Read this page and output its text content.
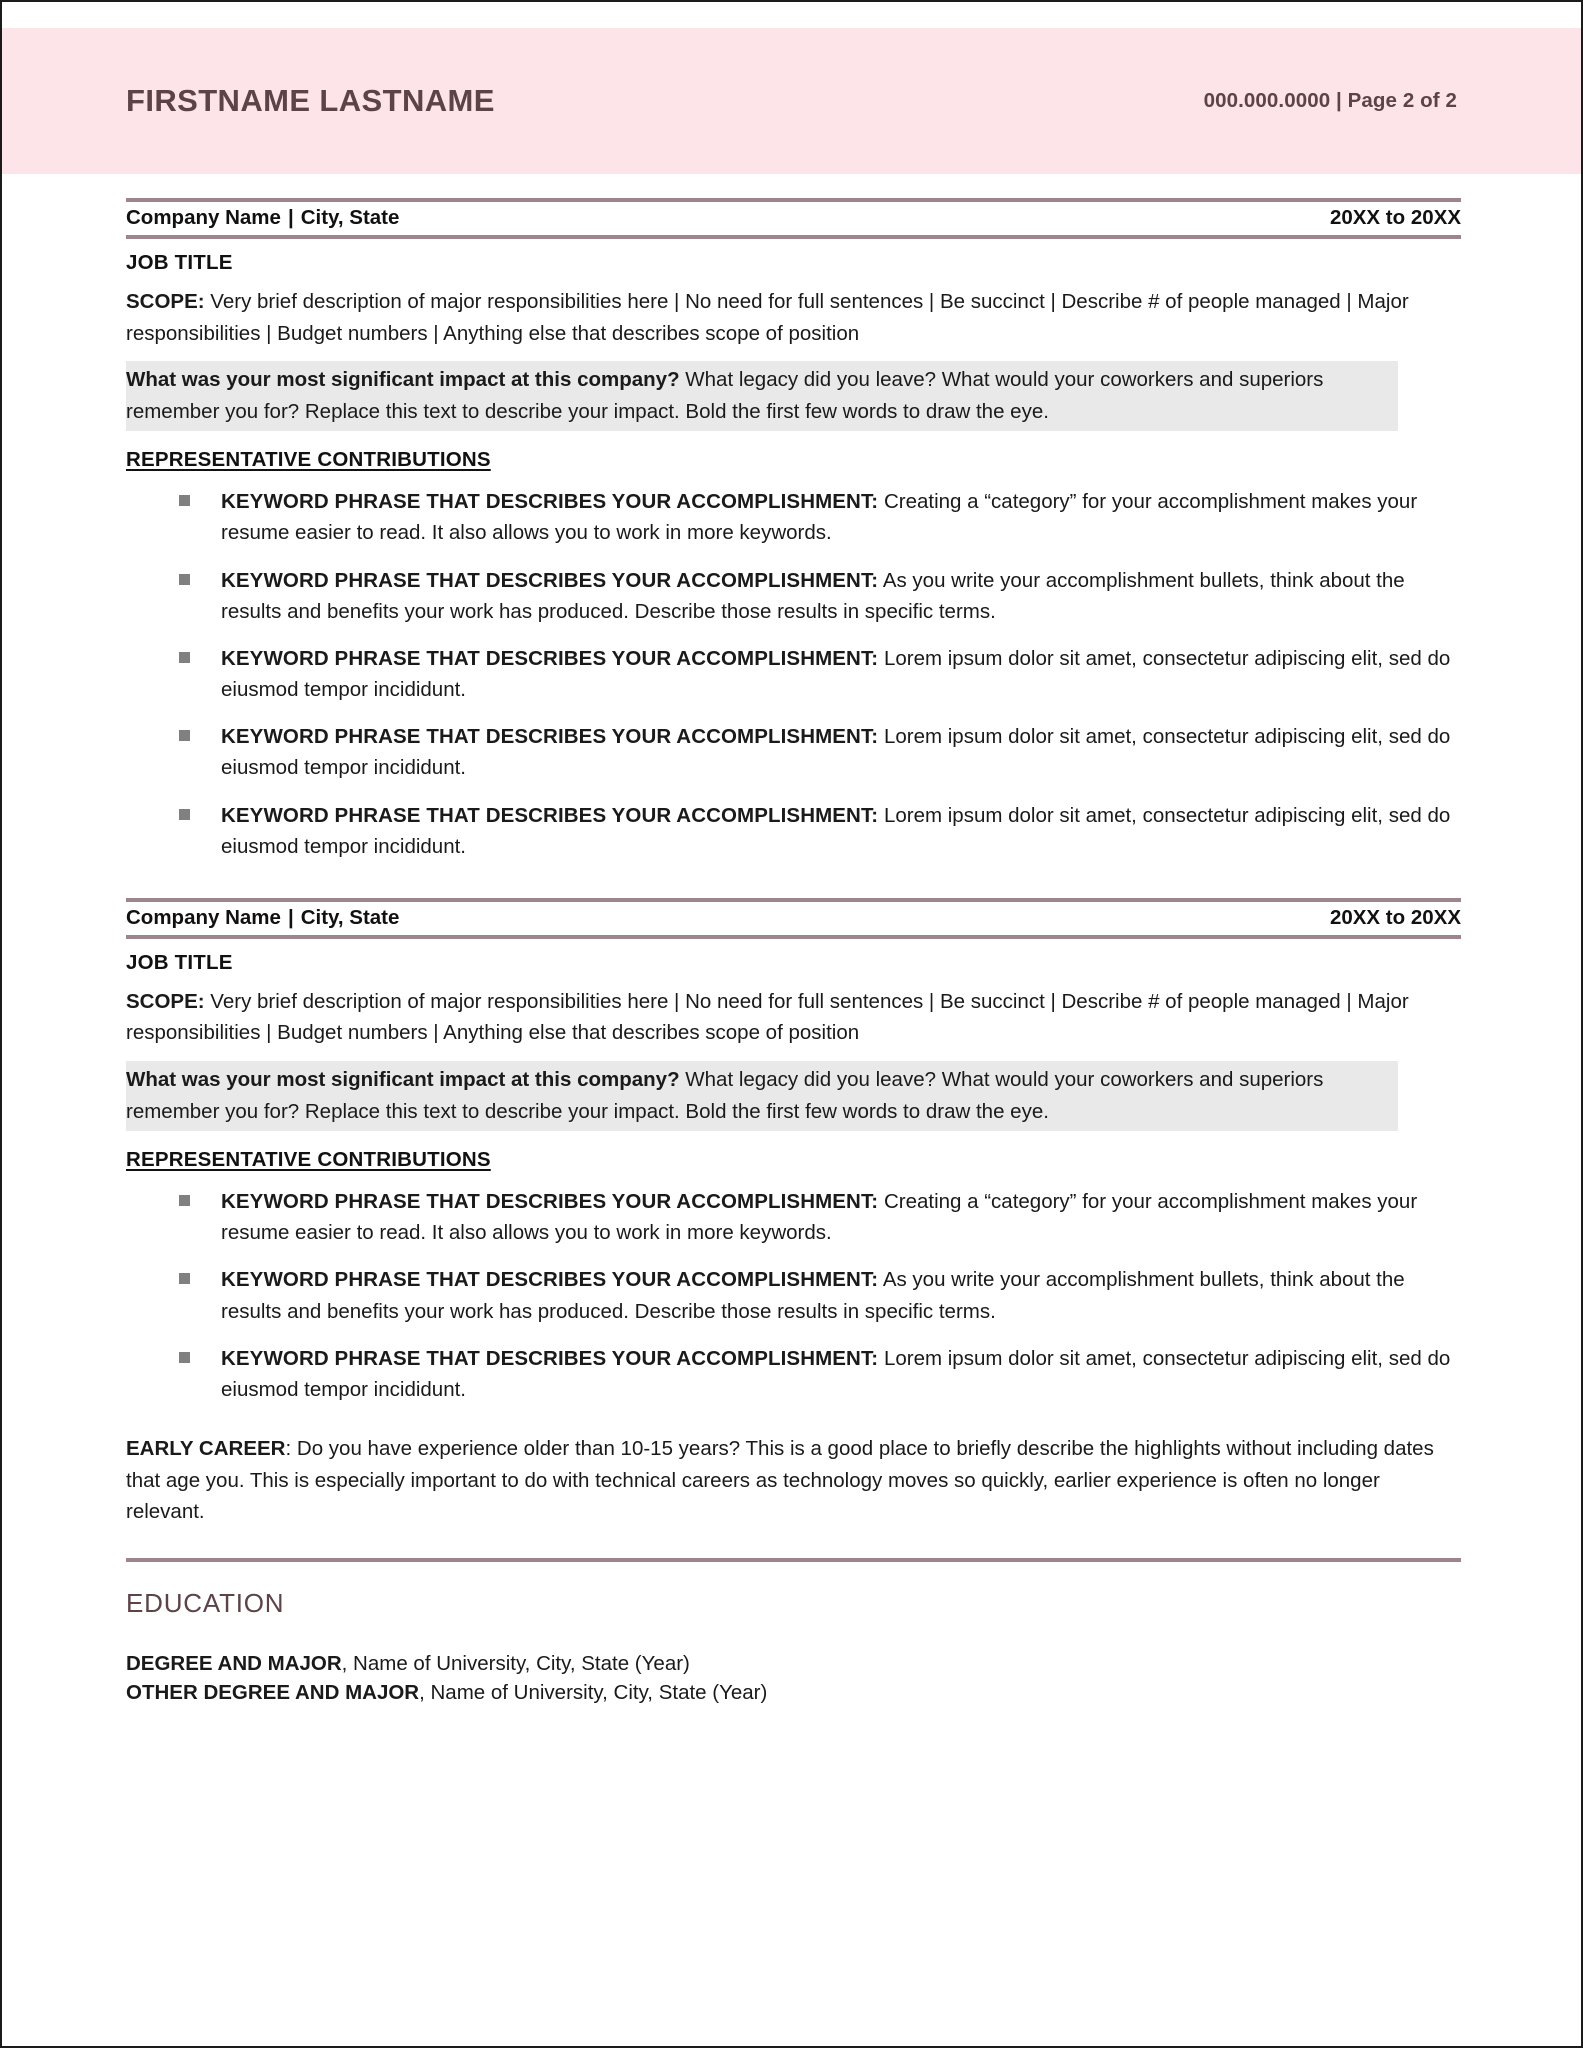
FIRSTNAME LASTNAME	000.000.0000 | Page 2 of 2
Company Name | City, State	20XX to 20XX
JOB TITLE
SCOPE: Very brief description of major responsibilities here | No need for full sentences | Be succinct | Describe # of people managed | Major responsibilities | Budget numbers | Anything else that describes scope of position
What was your most significant impact at this company? What legacy did you leave? What would your coworkers and superiors remember you for? Replace this text to describe your impact. Bold the first few words to draw the eye.
REPRESENTATIVE CONTRIBUTIONS
KEYWORD PHRASE THAT DESCRIBES YOUR ACCOMPLISHMENT: Creating a “category” for your accomplishment makes your resume easier to read. It also allows you to work in more keywords.
KEYWORD PHRASE THAT DESCRIBES YOUR ACCOMPLISHMENT: As you write your accomplishment bullets, think about the results and benefits your work has produced. Describe those results in specific terms.
KEYWORD PHRASE THAT DESCRIBES YOUR ACCOMPLISHMENT: Lorem ipsum dolor sit amet, consectetur adipiscing elit, sed do eiusmod tempor incididunt.
KEYWORD PHRASE THAT DESCRIBES YOUR ACCOMPLISHMENT: Lorem ipsum dolor sit amet, consectetur adipiscing elit, sed do eiusmod tempor incididunt.
KEYWORD PHRASE THAT DESCRIBES YOUR ACCOMPLISHMENT: Lorem ipsum dolor sit amet, consectetur adipiscing elit, sed do eiusmod tempor incididunt.
Company Name | City, State	20XX to 20XX
JOB TITLE
SCOPE: Very brief description of major responsibilities here | No need for full sentences | Be succinct | Describe # of people managed | Major responsibilities | Budget numbers | Anything else that describes scope of position
What was your most significant impact at this company? What legacy did you leave? What would your coworkers and superiors remember you for? Replace this text to describe your impact. Bold the first few words to draw the eye.
REPRESENTATIVE CONTRIBUTIONS
KEYWORD PHRASE THAT DESCRIBES YOUR ACCOMPLISHMENT: Creating a “category” for your accomplishment makes your resume easier to read. It also allows you to work in more keywords.
KEYWORD PHRASE THAT DESCRIBES YOUR ACCOMPLISHMENT: As you write your accomplishment bullets, think about the results and benefits your work has produced. Describe those results in specific terms.
KEYWORD PHRASE THAT DESCRIBES YOUR ACCOMPLISHMENT: Lorem ipsum dolor sit amet, consectetur adipiscing elit, sed do eiusmod tempor incididunt.
EARLY CAREER: Do you have experience older than 10-15 years? This is a good place to briefly describe the highlights without including dates that age you. This is especially important to do with technical careers as technology moves so quickly, earlier experience is often no longer relevant.
EDUCATION
DEGREE AND MAJOR, Name of University, City, State (Year)
OTHER DEGREE AND MAJOR, Name of University, City, State (Year)
